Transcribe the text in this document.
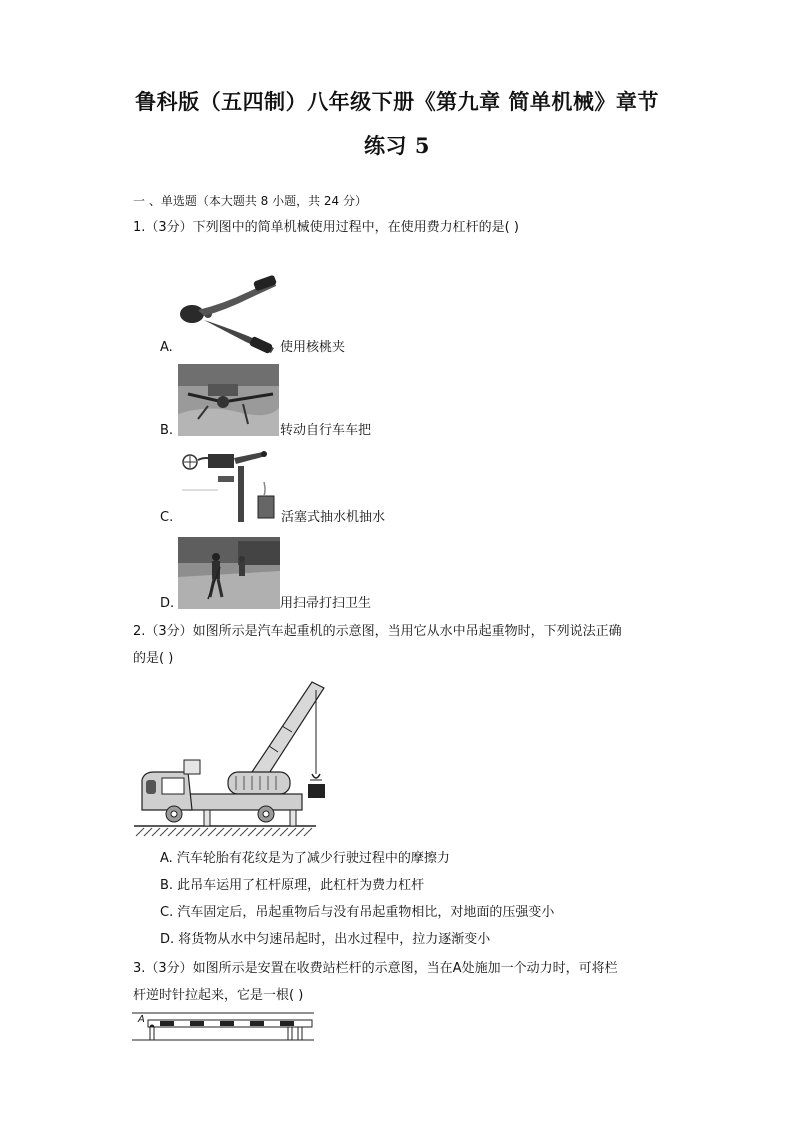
鲁科版（五四制）八年级下册《第九章 简单机械》章节
练习 5
一 、单选题（本大题共 8 小题，共 24 分）
1.（3分）下列图中的简单机械使用过程中，在使用费力杠杆的是( )
A.	使用核桃夹
B.	转动自行车车把
C.	活塞式抽水机抽水
D.	用扫帚打扫卫生
2.（3分）如图所示是汽车起重机的示意图，当用它从水中吊起重物时，下列说法正确
的是( )
A. 汽车轮胎有花纹是为了减少行驶过程中的摩擦力
B. 此吊车运用了杠杆原理，此杠杆为费力杠杆
C. 汽车固定后，吊起重物后与没有吊起重物相比，对地面的压强变小
D. 将货物从水中匀速吊起时，出水过程中，拉力逐渐变小
3.（3分）如图所示是安置在收费站栏杆的示意图，当在A处施加一个动力时，可将栏
杆逆时针拉起来，它是一根( )
A
